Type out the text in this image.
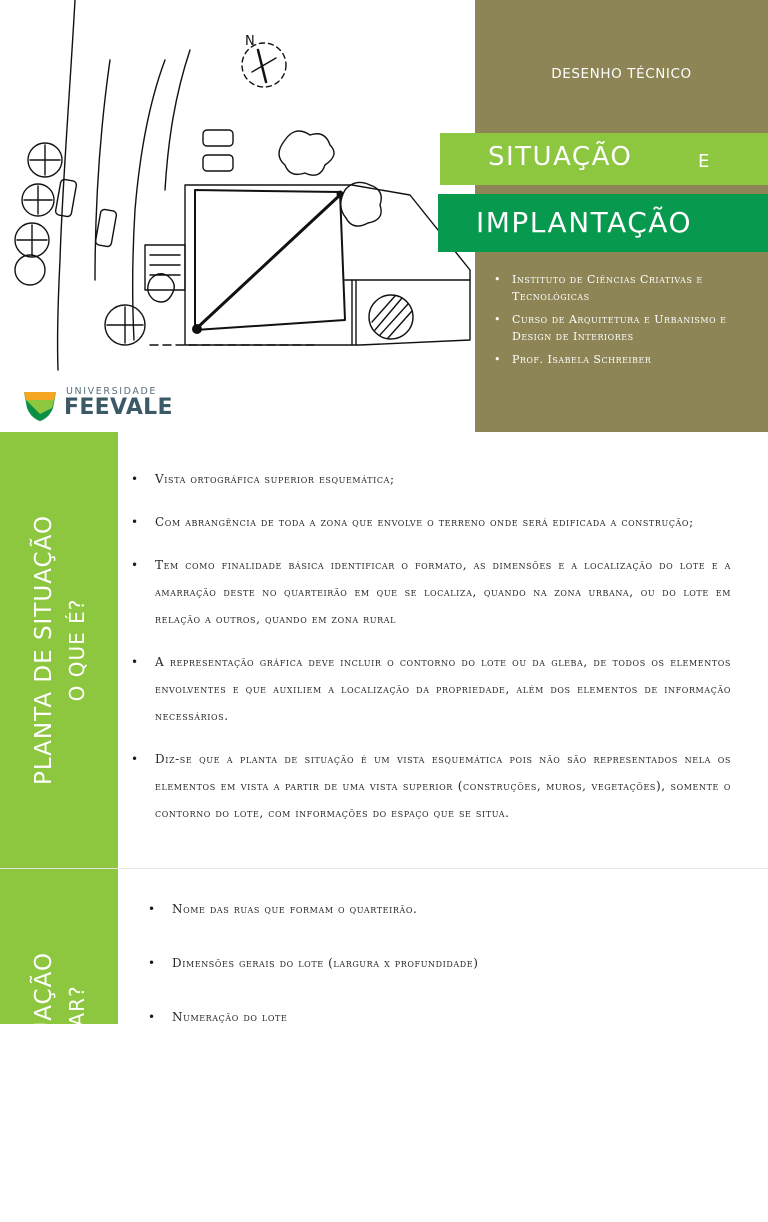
N
UNIVERSIDADE
FEEVALE
DESENHO TÉCNICO
SITUAÇÃO	E
IMPLANTAÇÃO
• Instituto de Ciências Criativas e Tecnológicas
• Curso de Arquitetura e Urbanismo e Design de Interiores
• Prof. Isabela Schreiber
PLANTA DE SITUAÇÃO O QUE É?
• Vista ortográfica superior esquemática;
• Com abrangência de toda a zona que envolve o terreno onde será edificada a construção;
• Tem como finalidade básica identificar o formato, as dimensões e a localização do lote e a amarração deste no quarteirão em que se localiza, quando na zona urbana, ou do lote em relação a outros, quando em zona rural
• A representação gráfica deve incluir o contorno do lote ou da gleba, de todos os elementos envolventes e que auxiliem a localização da propriedade, além dos elementos de informação necessários.
• Diz-se que a planta de situação é um vista esquemática pois não são representados nela os elementos em vista a partir de uma vista superior (construções, muros, vegetações), somente o contorno do lote, com informações do espaço que se situa.
PLANTA DE SITUAÇÃO O QUE DETALHAR?
• Nome das ruas que formam o quarteirão.
• Dimensões gerais do lote (largura x profundidade)
• Numeração do lote
